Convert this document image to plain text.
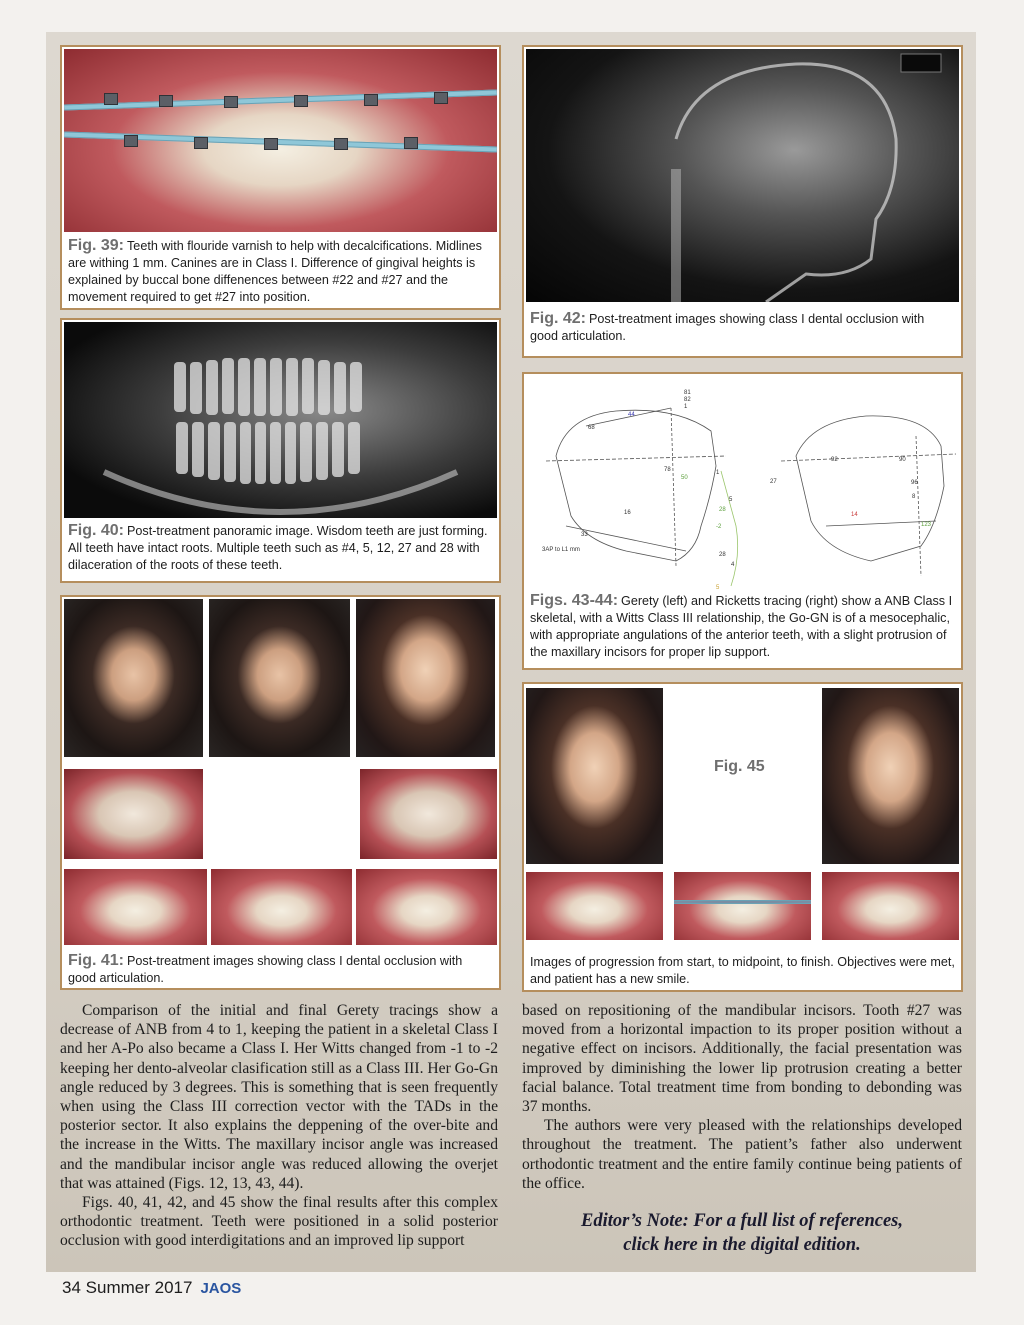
Fig. 39: Teeth with flouride varnish to help with decalcifications. Midlines are withing 1 mm. Canines are in Class I. Difference of gingival heights is explained by buccal bone diffenences between #22 and #27 and the movement required to get #27 into position.
Fig. 40: Post-treatment panoramic image. Wisdom teeth are just forming. All teeth have intact roots. Multiple teeth such as #4, 5, 12, 27 and 28 with dilaceration of the roots of these teeth.
Fig. 41: Post-treatment images showing class I dental occlusion with good articulation.
Fig. 42: Post-treatment images showing class I dental occlusion with good articulation.
81
82
1
44
68
78
50
1
5
28
-2
16
33
28
4
5
3AP to L1 mm
92	90
27	96
14
123
8
Figs. 43-44: Gerety (left) and Ricketts tracing (right) show a ANB Class I skeletal, with a Witts Class III relationship, the Go-GN is of a mesocephalic, with appropriate angulations of the anterior teeth, with a slight protrusion of the maxillary incisors for proper lip support.
Fig. 45
Images of progression from start, to midpoint, to finish. Objectives were met, and patient has a new smile.

Comparison of the initial and final Gerety tracings show a decrease of ANB from 4 to 1, keeping the patient in a skeletal Class I and her A-Po also became a Class I. Her Witts changed from -1 to -2 keeping her dento-alveolar clasification still as a Class III. Her Go-Gn angle reduced by 3 degrees. This is something that is seen frequently when using the Class III correction vector with the TADs in the posterior sector. It also explains the deppening of the over-bite and the increase in the Witts. The maxillary incisor angle was increased and the mandibular incisor angle was reduced allowing the overjet that was attained (Figs. 12, 13, 43, 44).

Figs. 40, 41, 42, and 45 show the final results after this complex orthodontic treatment. Teeth were positioned in a solid posterior occlusion with good interdigitations and an improved lip support

based on repositioning of the mandibular incisors. Tooth #27 was moved from a horizontal impaction to its proper position without a negative effect on incisors. Additionally, the facial presentation was improved by diminishing the lower lip protrusion creating a better facial balance. Total treatment time from bonding to debonding was 37 months.

The authors were very pleased with the relationships developed throughout the treatment. The patient’s father also underwent orthodontic treatment and the entire family continue being patients of the office.

Editor’s Note: For a full list of references,
click here in the digital edition.
34 Summer 2017 JAOS
